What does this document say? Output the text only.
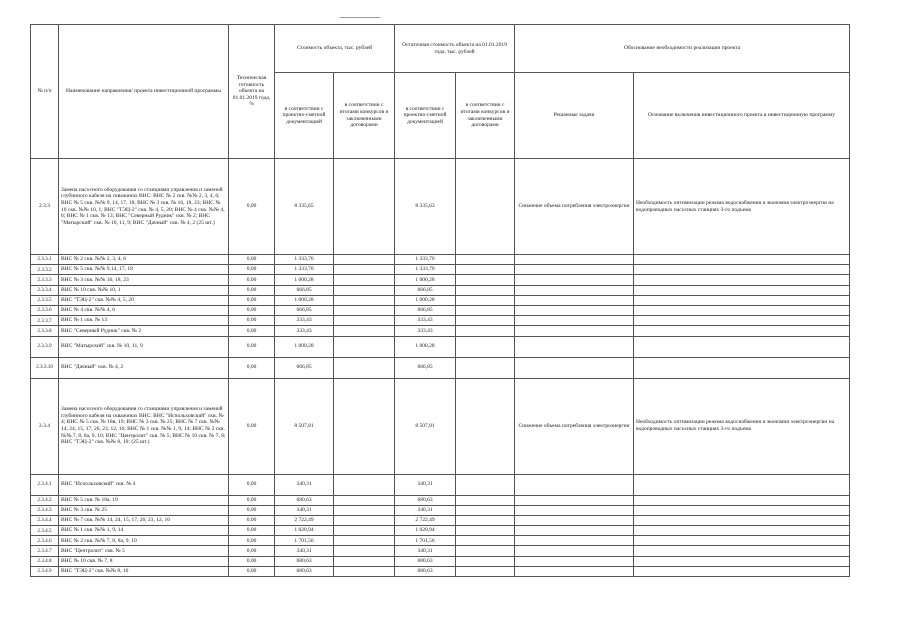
№ п/п	Наименование направления/ проекта инвестиционной программы	Техническая готовность объекта на 01.01.2019 года, %	Стоимость объекта, тыс. рублей		Остаточная стоимость объекта на 01.01.2019 года, тыс. рублей		Обоснование необходимости реализации проекта	
			в соответствии с проектно-сметной документацией	в соответствии с итогами конкурсов и заключенными договорами	в соответствии с проектно-сметной документацией	в соответствии с итогами конкурсов и заключенными договорами	Решаемые задачи	Основание включения инвестиционного проекта в инвестиционную программу
2.3.3	Замена насосного оборудования со станциями управления и заменой глубинного кабеля на скважинах ВНС: ВНС № 2 скв. №№ 2, 3, 4, 6; ВНС № 5 скв. №№ 9, 14, 17, 18; ВНС № 3 скв. № 16, 18, 23; ВНС № 10 скв. №№ 10, 1; ВНС "ТЭЦ-2" скв. № 4, 5, 20; ВНС № 4 скв. №№ 4, 6; ВНС № 1 скв. № 13; ВНС "Северный Рудник" скв. № 2; ВНС "Матырский" скв. № 10, 11, 9; ВНС "Дачный" скв. № 4, 2 (25 шт.)	0,00	8 335,65		8 335,63		Снижение объема потребления электроэнергии	Необходимость оптимизации режима водоснабжения и экономия электроэнергии на водопроводных насосных станциях 3-го подъема
2.3.3.1	ВНС № 2 скв. №№ 2, 3, 4, 6	0,00	1 333,70		1 333,70			
2.3.3.2	ВНС № 5 скв. №№ 9,14, 17, 18	0,00	1 333,70		1 333,70			
2.3.3.3	ВНС № 3 скв. №№ 16, 18, 23	0,00	1 000,28		1 000,28			
2.3.3.4	ВНС № 10 скв. №№ 10, 1	0,00	666,85		666,85			
2.3.3.5	ВНС "ТЭЦ-2" скв. №№ 4, 5, 20	0,00	1 000,28		1 000,28			
2.3.3.6	ВНС № 4 скв. №№ 4, 6	0,00	666,85		666,85			
2.3.3.7	ВНС № 1 скв. № 13	0,00	333,43		333,43			
2.3.3.8	ВНС "Северный Рудник" скв. № 2	0,00	333,43		333,43			
2.3.3.9	ВНС "Матырский" скв. № 10, 11, 9	0,00	1 000,28		1 000,28			
2.3.3.10	ВНС "Дачный" скв. № 4, 2	0,00	666,85		666,85			
2.3.4	Замена насосного оборудования со станциями управления и заменой глубинного кабеля на скважинах ВНС: ВНС "Испольховский" скв. № 4; ВНС № 5 скв. № 18в, 19; ВНС № 3 скв. № 25; ВНС № 7 скв. №№ 14, 24, 15, 17, 26, 23, 12, 16; ВНС № 1 скв. №№ 1, 9, 14; ВНС № 2 скв. №№ 7, 8, 8а, 9, 10; ВНС "Центролит" скв. № 5; ВНС № 10 скв. № 7, 8; ВНС "ТЭЦ-2" скв. №№ 8, 10; (25 шт.)	0,00	8 507,81		8 507,81		Снижение объема потребления электроэнергии	Необходимость оптимизации режима водоснабжения и экономии электроэнергии на водопроводных насосных станциях 3-го подъема
2.3.4.1	ВНС "Испольховский" скв. № 4	0,00	340,31		340,31			
2.3.4.2	ВНС № 5 скв. № 18а, 19	0,00	680,63		680,63			
2.3.4.3	ВНС № 3 скв. № 25	0,00	340,31		340,31			
2.3.4.4	ВНС № 7 скв. №№ 14, 24, 15, 17, 26, 23, 12, 16	0,00	2 722,49		2 722,49			
2.3.4.5	ВНС № 1 скв. №№ 1, 9, 14	0,00	1 020,94		1 020,94			
2.3.4.6	ВНС № 2 скв. №№ 7, 8, 8а, 9, 10	0,00	1 701,56		1 701,56			
2.3.4.7	ВНС "Центролит" скв. № 5	0,00	340,31		340,31			
2.3.4.8	ВНС № 10 скв. № 7, 8	0,00	680,63		680,63			
2.3.4.9	ВНС "ТЭЦ-2" скв. №№ 8, 10	0,00	680,63		680,63			
